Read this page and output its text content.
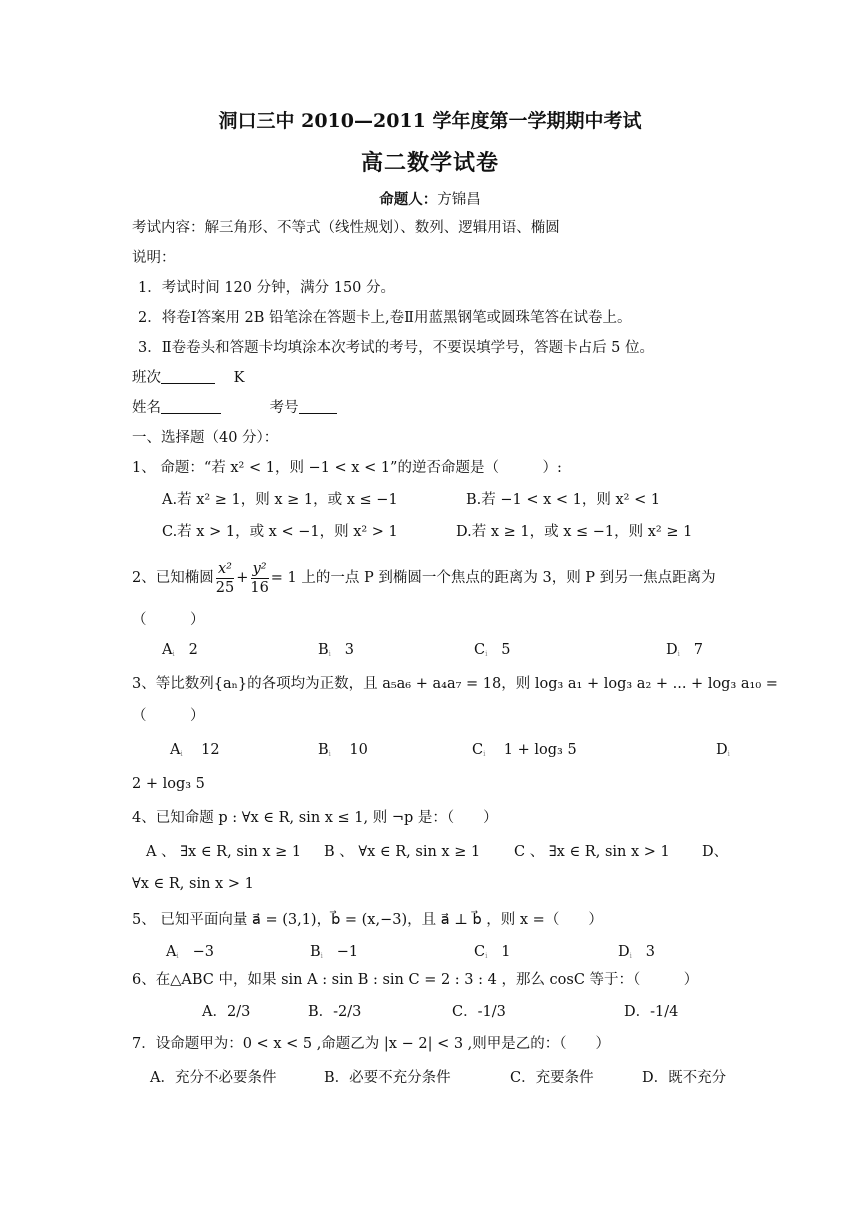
洞口三中 2010—2011 学年度第一学期期中考试
高二数学试卷
命题人：方锦昌
考试内容：解三角形、不等式（线性规划）、数列、逻辑用语、椭圆
说明：
1．考试时间 120 分钟，满分 150 分。
2．将卷Ⅰ答案用 2B 铅笔涂在答题卡上,卷Ⅱ用蓝黑钢笔或圆珠笔答在试卷上。
3．Ⅱ卷卷头和答题卡均填涂本次考试的考号，不要误填学号，答题卡占后 5 位。
班次	K
姓名	考号
一、选择题（40 分）：
1、 命题：“若 x² < 1，则 −1 < x < 1”的逆否命题是（　　　）:
A.若 x² ≥ 1，则 x ≥ 1，或 x ≤ −1	B.若 −1 < x < 1，则 x² < 1
C.若 x > 1，或 x < −1，则 x² > 1	D.若 x ≥ 1，或 x ≤ −1，则 x² ≥ 1
2、已知椭圆 $\frac{\text{x²}}{25} + \frac{\text{y²}}{16} = 1$ 上的一点 P 到椭圆一个焦点的距离为 3，则 P 到另一焦点距离为
（　　　）
Ai 2	Bi 3	Ci 5	Di 7
3、等比数列{aₙ}的各项均为正数，且 a₅a₆ + a₄a₇ = 18，则 log₃ a₁ + log₃ a₂ + ... + log₃ a₁₀ =
（　　　）
Ai 12	Bi 10	Ci 1 + log₃ 5	Di
2 + log₃ 5
4、已知命题 p : ∀x ∈ R, sin x ≤ 1, 则 ¬p 是：（　　）
A 、 ∃x ∈ R, sin x ≥ 1 B 、 ∀x ∈ R, sin x ≥ 1 C 、 ∃x ∈ R, sin x > 1 D、
∀x ∈ R, sin x > 1
5、 已知平面向量 a⃗ = (3,1)，b⃗ = (x,−3)，且 a⃗ ⊥ b⃗ ，则 x =（　　）
Ai −3	Bi −1	Ci 1	Di 3
6、在△ABC 中，如果 sin A : sin B : sin C = 2 : 3 : 4 ，那么 cosC 等于：（　　　）
A．2/3	B．-2/3	C．-1/3	D．-1/4
7．设命题甲为：0 < x < 5 ,命题乙为 |x − 2| < 3 ,则甲是乙的：（　　）
A．充分不必要条件	B．必要不充分条件	C．充要条件	D．既不充分
